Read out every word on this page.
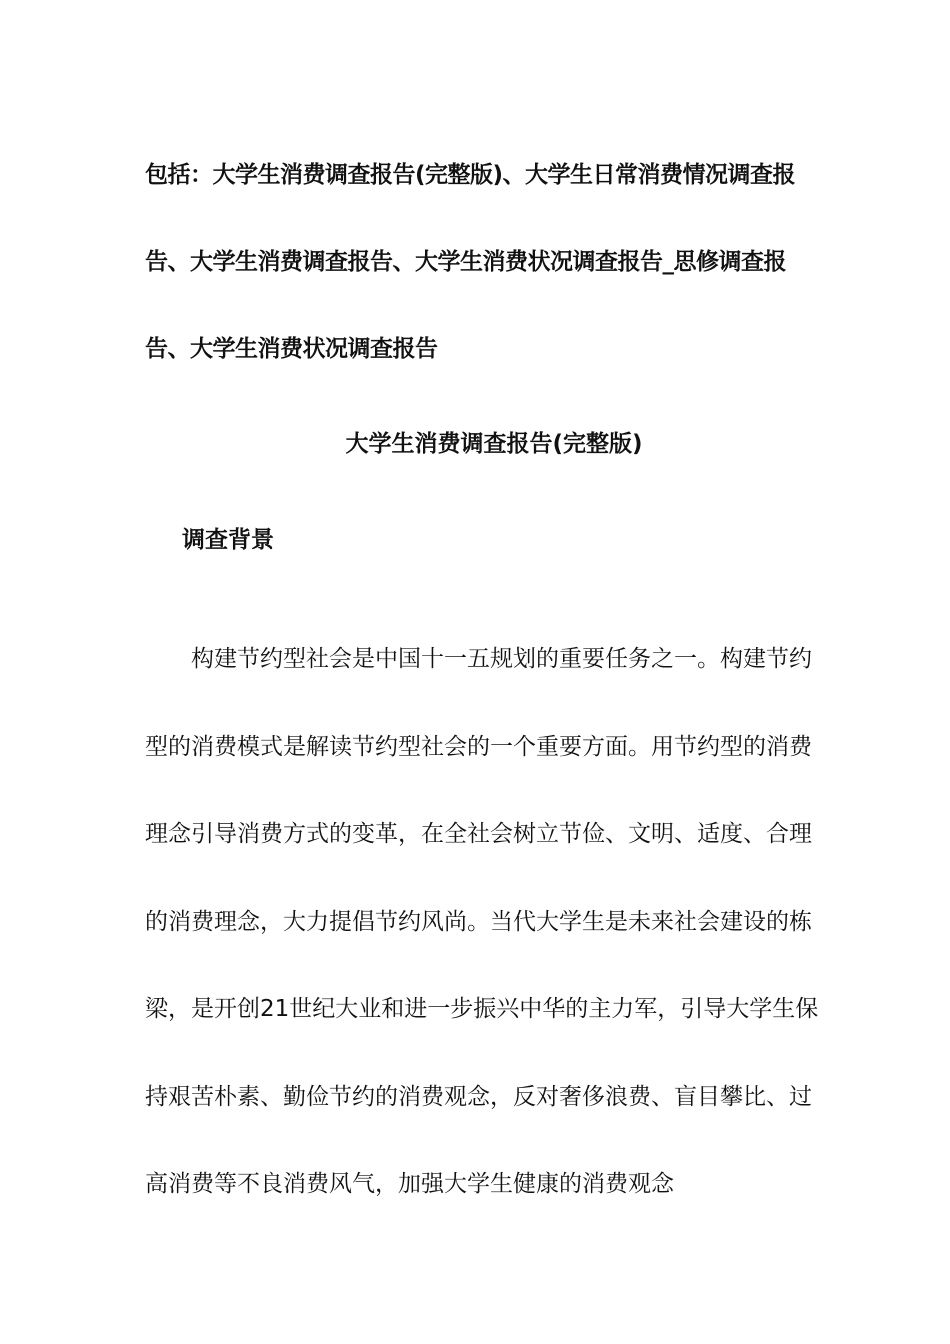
包括：大学生消费调查报告(完整版)、大学生日常消费情况调查报告、大学生消费调查报告、大学生消费状况调查报告_思修调查报告、大学生消费状况调查报告

大学生消费调查报告(完整版)
调查背景

构建节约型社会是中国十一五规划的重要任务之一。构建节约型的消费模式是解读节约型社会的一个重要方面。用节约型的消费理念引导消费方式的变革，在全社会树立节俭、文明、适度、合理的消费理念，大力提倡节约风尚。当代大学生是未来社会建设的栋梁，是开创21世纪大业和进一步振兴中华的主力军，引导大学生保持艰苦朴素、勤俭节约的消费观念，反对奢侈浪费、盲目攀比、过高消费等不良消费风气，加强大学生健康的消费观念
